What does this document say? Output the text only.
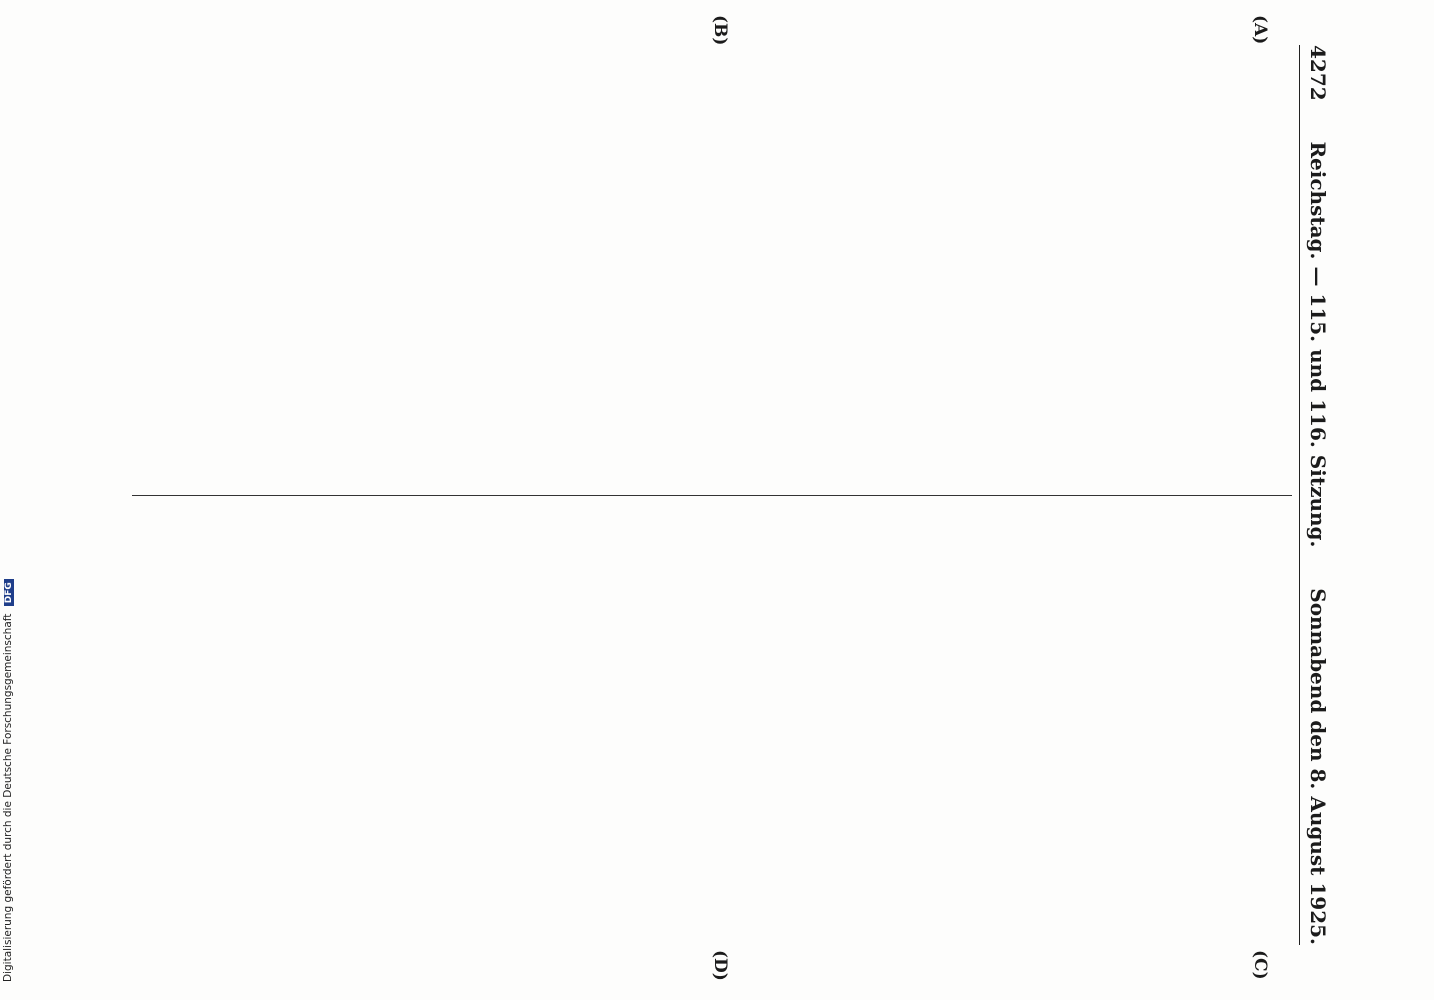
4272
Reichstag. — 115. und 116. Sitzung.
Sonnabend den 8. August 1925.
(A)
(B)
(C)
(D)

Digitalisierung gefördert durch die Deutsche Forschungsgemeinschaft DFG
